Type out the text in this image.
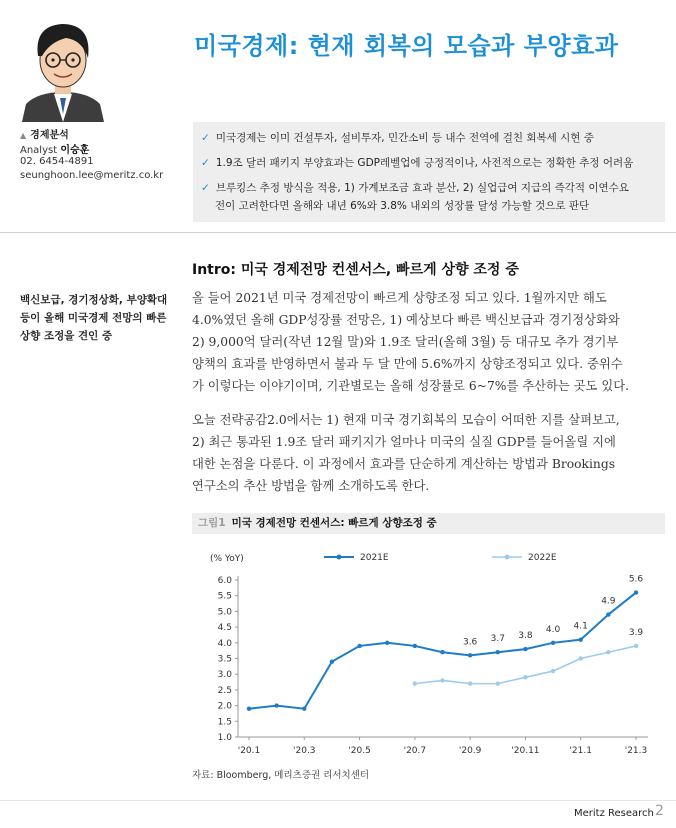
▲ 경제분석
Analyst 이승훈
02. 6454-4891
seunghoon.lee@meritz.co.kr
미국경제: 현재 회복의 모습과 부양효과
✓ 미국경제는 이미 건설투자, 설비투자, 민간소비 등 내수 전역에 걸친 회복세 시현 중
✓ 1.9조 달러 패키지 부양효과는 GDP레벨업에 긍정적이나, 사전적으로는 정확한 추정 어려움
✓ 브루킹스 추정 방식을 적용, 1) 가계보조금 효과 분산, 2) 실업급여 지급의 즉각적 이연수요
전이 고려한다면 올해와 내년 6%와 3.8% 내외의 성장률 달성 가능할 것으로 판단
Intro: 미국 경제전망 컨센서스, 빠르게 상향 조정 중
백신보급, 경기정상화, 부양확대
등이 올해 미국경제 전망의 빠른
상향 조정을 견인 중
올 들어 2021년 미국 경제전망이 빠르게 상향조정 되고 있다. 1월까지만 해도
4.0%였던 올해 GDP성장률 전망은, 1) 예상보다 빠른 백신보급과 경기정상화와
2) 9,000억 달러(작년 12월 말)와 1.9조 달러(올해 3월) 등 대규모 추가 경기부
양책의 효과를 반영하면서 불과 두 달 만에 5.6%까지 상향조정되고 있다. 중위수
가 이렇다는 이야기이며, 기관별로는 올해 성장률로 6~7%를 추산하는 곳도 있다.
오늘 전략공감2.0에서는 1) 현재 미국 경기회복의 모습이 어떠한 지를 살펴보고,
2) 최근 통과된 1.9조 달러 패키지가 얼마나 미국의 실질 GDP를 들어올릴 지에
대한 논점을 다룬다. 이 과정에서 효과를 단순하게 계산하는 방법과 Brookings
연구소의 추산 방법을 함께 소개하도록 한다.
그림1 미국 경제전망 컨센서스: 빠르게 상향조정 중
(% YoY)	2021E	2022E
6.0
5.5
5.0
4.5
4.0
3.5
3.0
2.5
2.0
1.5
1.0
'20.1	'20.3	'20.5	'20.7	'20.9	'20.11	'21.1	'21.3
3.6 3.7 3.8
4.0 4.1
4.9
5.6
3.9
자료: Bloomberg, 메리츠증권 리서치센터
Meritz Research 2
